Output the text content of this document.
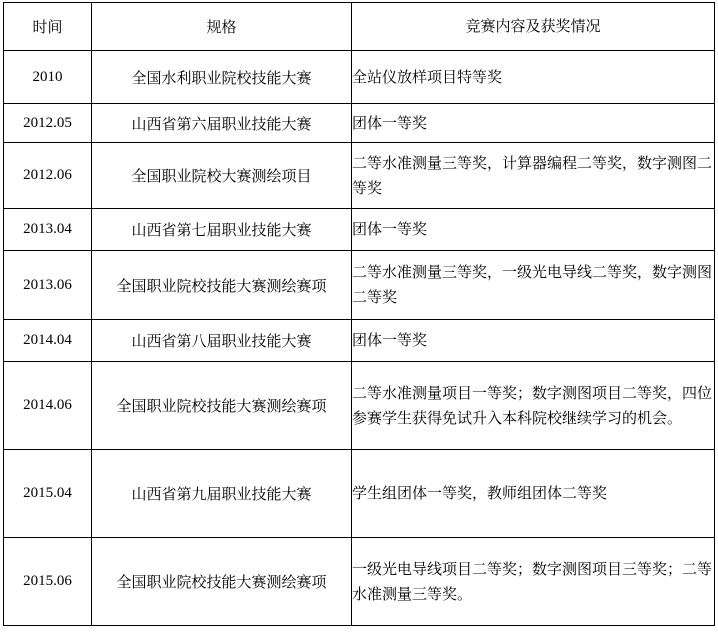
时间	规格	竞赛内容及获奖情况
2010	全国水利职业院校技能大赛	全站仪放样项目特等奖
2012.05	山西省第六届职业技能大赛	团体一等奖
2012.06	全国职业院校大赛测绘项目	二等水准测量三等奖，计算器编程二等奖，数字测图二等奖
2013.04	山西省第七届职业技能大赛	团体一等奖
2013.06	全国职业院校技能大赛测绘赛项	二等水准测量三等奖，一级光电导线二等奖，数字测图二等奖
2014.04	山西省第八届职业技能大赛	团体一等奖
2014.06	全国职业院校技能大赛测绘赛项	二等水准测量项目一等奖；数字测图项目二等奖，四位参赛学生获得免试升入本科院校继续学习的机会。
2015.04	山西省第九届职业技能大赛	学生组团体一等奖，教师组团体二等奖
2015.06	全国职业院校技能大赛测绘赛项	一级光电导线项目二等奖；数字测图项目三等奖；二等水准测量三等奖。
